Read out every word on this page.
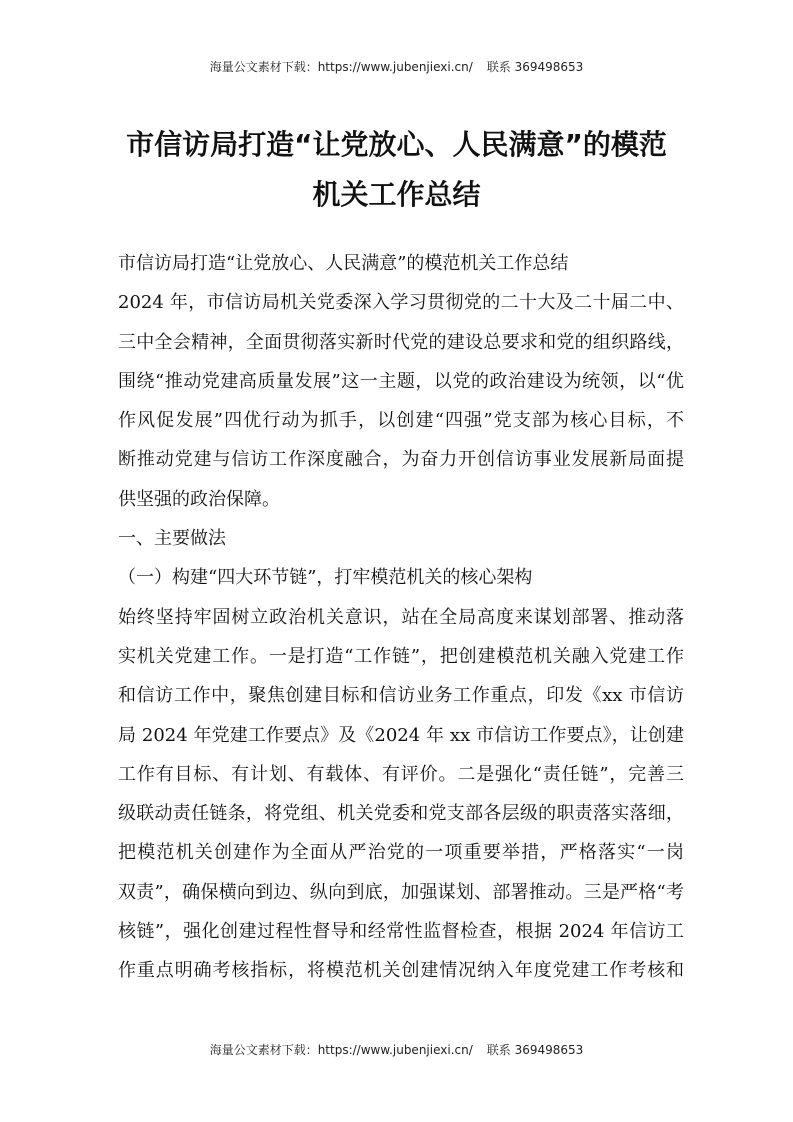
海量公文素材下载：https://www.jubenjiexi.cn/ 联系 369498653
市信访局打造“让党放心、人民满意”的模范
机关工作总结
市信访局打造“让党放心、人民满意”的模范机关工作总结
2024 年，市信访局机关党委深入学习贯彻党的二十大及二十届二中、
三中全会精神，全面贯彻落实新时代党的建设总要求和党的组织路线，
围绕“推动党建高质量发展”这一主题，以党的政治建设为统领，以“优
作风促发展”四优行动为抓手，以创建“四强”党支部为核心目标，不
断推动党建与信访工作深度融合，为奋力开创信访事业发展新局面提
供坚强的政治保障。
一、主要做法
（一）构建“四大环节链”，打牢模范机关的核心架构
始终坚持牢固树立政治机关意识，站在全局高度来谋划部署、推动落
实机关党建工作。一是打造“工作链”，把创建模范机关融入党建工作
和信访工作中，聚焦创建目标和信访业务工作重点，印发《xx 市信访
局 2024 年党建工作要点》及《2024 年 xx 市信访工作要点》，让创建
工作有目标、有计划、有载体、有评价。二是强化“责任链”，完善三
级联动责任链条，将党组、机关党委和党支部各层级的职责落实落细，
把模范机关创建作为全面从严治党的一项重要举措，严格落实“一岗
双责”，确保横向到边、纵向到底，加强谋划、部署推动。三是严格“考
核链”，强化创建过程性督导和经常性监督检查，根据 2024 年信访工
作重点明确考核指标，将模范机关创建情况纳入年度党建工作考核和
海量公文素材下载：https://www.jubenjiexi.cn/ 联系 369498653
